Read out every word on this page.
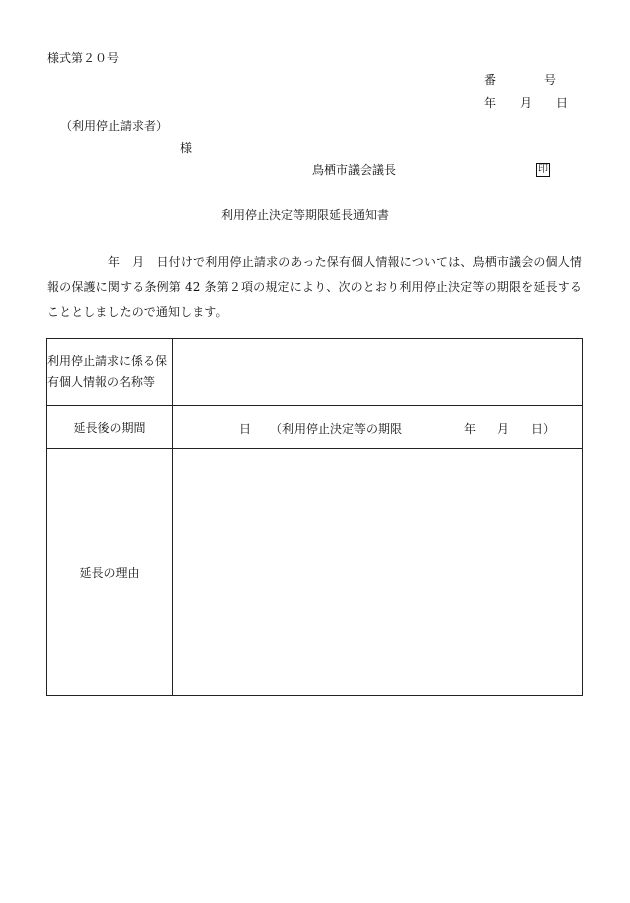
様式第２０号
番　　　　号
年　　月　　日
（利用停止請求者）
様
鳥栖市議会議長	印
利用停止決定等期限延長通知書
　　　　　年　月　日付けで利用停止請求のあった保有個人情報については、鳥栖市議会の個人情報の保護に関する条例第 42 条第２項の規定により、次のとおり利用停止決定等の期限を延長することとしましたので通知します。
利用停止請求に係る保有個人情報の名称等	
延長後の期間	日 （利用停止決定等の期限 年 月 日）

延長の理由	
